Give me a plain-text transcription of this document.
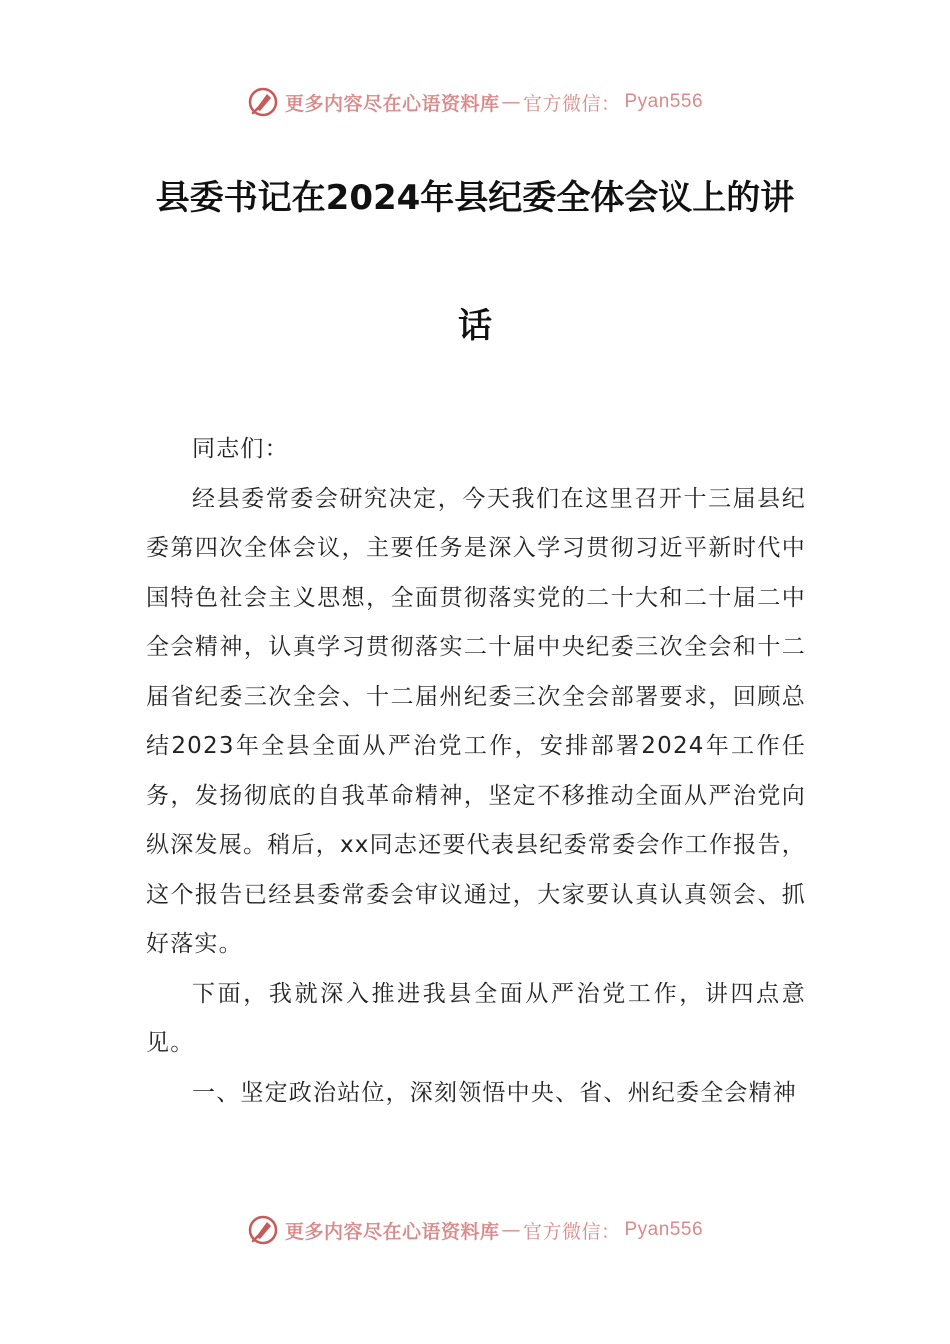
更多内容尽在心语资料库 — 官方微信： Pyan556
县委书记在2024年县纪委全体会议上的讲
话

同志们：

经县委常委会研究决定，今天我们在这里召开十三届县纪委第四次全体会议，主要任务是深入学习贯彻习近平新时代中国特色社会主义思想，全面贯彻落实党的二十大和二十届二中全会精神，认真学习贯彻落实二十届中央纪委三次全会和十二届省纪委三次全会、十二届州纪委三次全会部署要求，回顾总结2023年全县全面从严治党工作，安排部署2024年工作任务，发扬彻底的自我革命精神，坚定不移推动全面从严治党向纵深发展。稍后，xx同志还要代表县纪委常委会作工作报告，这个报告已经县委常委会审议通过，大家要认真认真领会、抓好落实。

下面，我就深入推进我县全面从严治党工作，讲四点意见。

一、坚定政治站位，深刻领悟中央、省、州纪委全会精神

更多内容尽在心语资料库 — 官方微信： Pyan556
